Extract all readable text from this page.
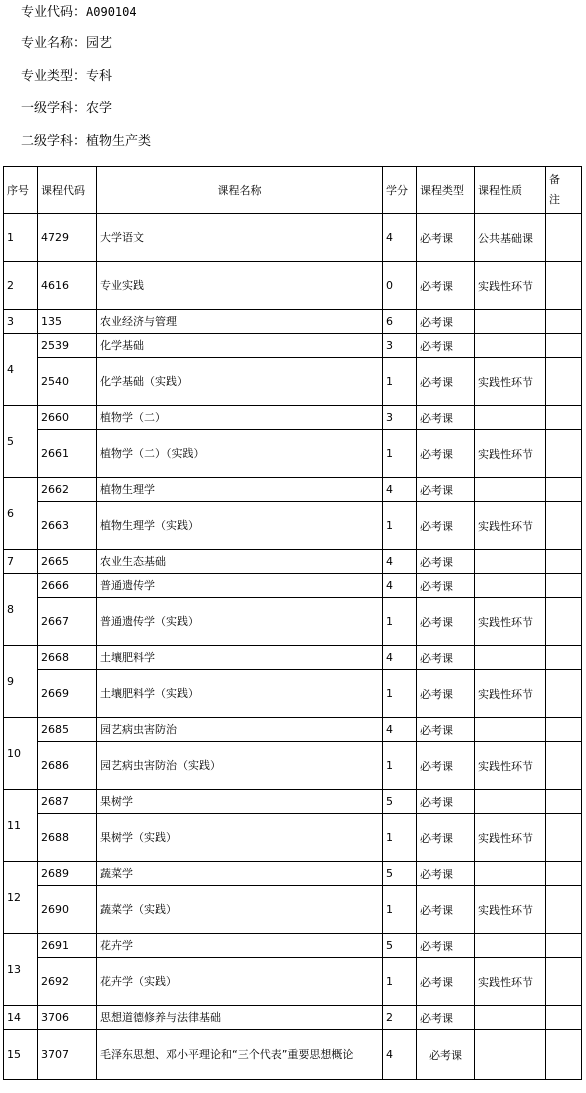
专业代码：A090104
专业名称：园艺
专业类型：专科
一级学科：农学
二级学科：植物生产类
序号	课程代码	课程名称	学分	课程类型	课程性质	备注
1	4729	大学语文	4	必考课	公共基础课	
2	4616	专业实践	0	必考课	实践性环节	
3	135	农业经济与管理	6	必考课		
4	2539	化学基础	3	必考课		
	2540	化学基础（实践）	1	必考课	实践性环节	
5	2660	植物学（二）	3	必考课		
	2661	植物学（二）（实践）	1	必考课	实践性环节	
6	2662	植物生理学	4	必考课		
	2663	植物生理学（实践）	1	必考课	实践性环节	
7	2665	农业生态基础	4	必考课		
8	2666	普通遗传学	4	必考课		
	2667	普通遗传学（实践）	1	必考课	实践性环节	
9	2668	土壤肥料学	4	必考课		
	2669	土壤肥料学（实践）	1	必考课	实践性环节	
10	2685	园艺病虫害防治	4	必考课		
	2686	园艺病虫害防治（实践）	1	必考课	实践性环节	
11	2687	果树学	5	必考课		
	2688	果树学（实践）	1	必考课	实践性环节	
12	2689	蔬菜学	5	必考课		
	2690	蔬菜学（实践）	1	必考课	实践性环节	
13	2691	花卉学	5	必考课		
	2692	花卉学（实践）	1	必考课	实践性环节	
14	3706	思想道德修养与法律基础	2	必考课		
15	3707	毛泽东思想、邓小平理论和“三个代表”重要思想概论	4	必考课		
